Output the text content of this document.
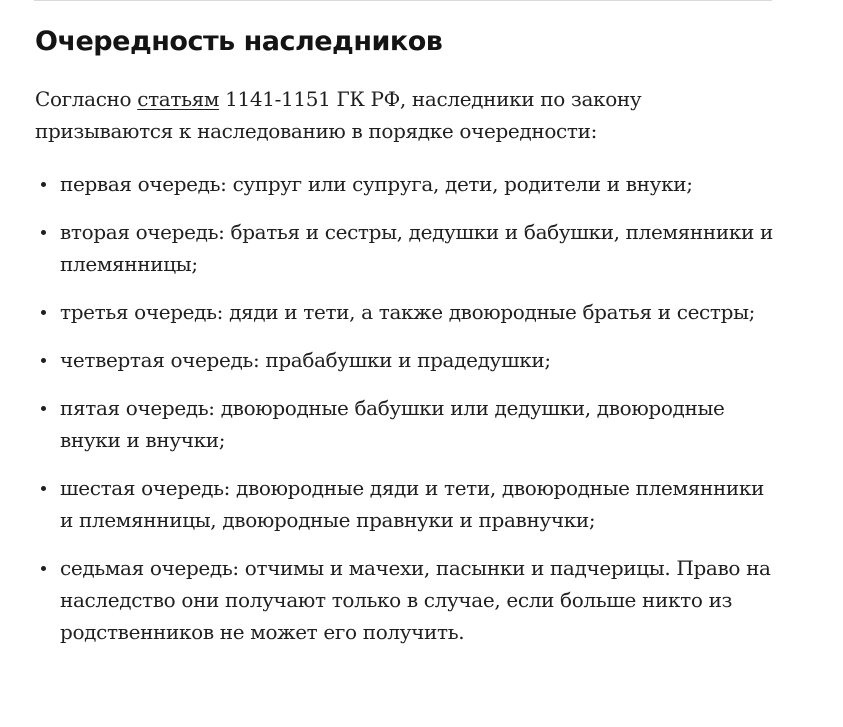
Очередность наследников

Согласно статьям 1141-1151 ГК РФ, наследники по закону призываются к наследованию в порядке очередности:

первая очередь: супруг или супруга, дети, родители и внуки;
вторая очередь: братья и сестры, дедушки и бабушки, племянники и племянницы;
третья очередь: дяди и тети, а также двоюродные братья и сестры;
четвертая очередь: прабабушки и прадедушки;
пятая очередь: двоюродные бабушки или дедушки, двоюродные внуки и внучки;
шестая очередь: двоюродные дяди и тети, двоюродные племянники и племянницы, двоюродные правнуки и правнучки;
седьмая очередь: отчимы и мачехи, пасынки и падчерицы. Право на наследство они получают только в случае, если больше никто из родственников не может его получить.
